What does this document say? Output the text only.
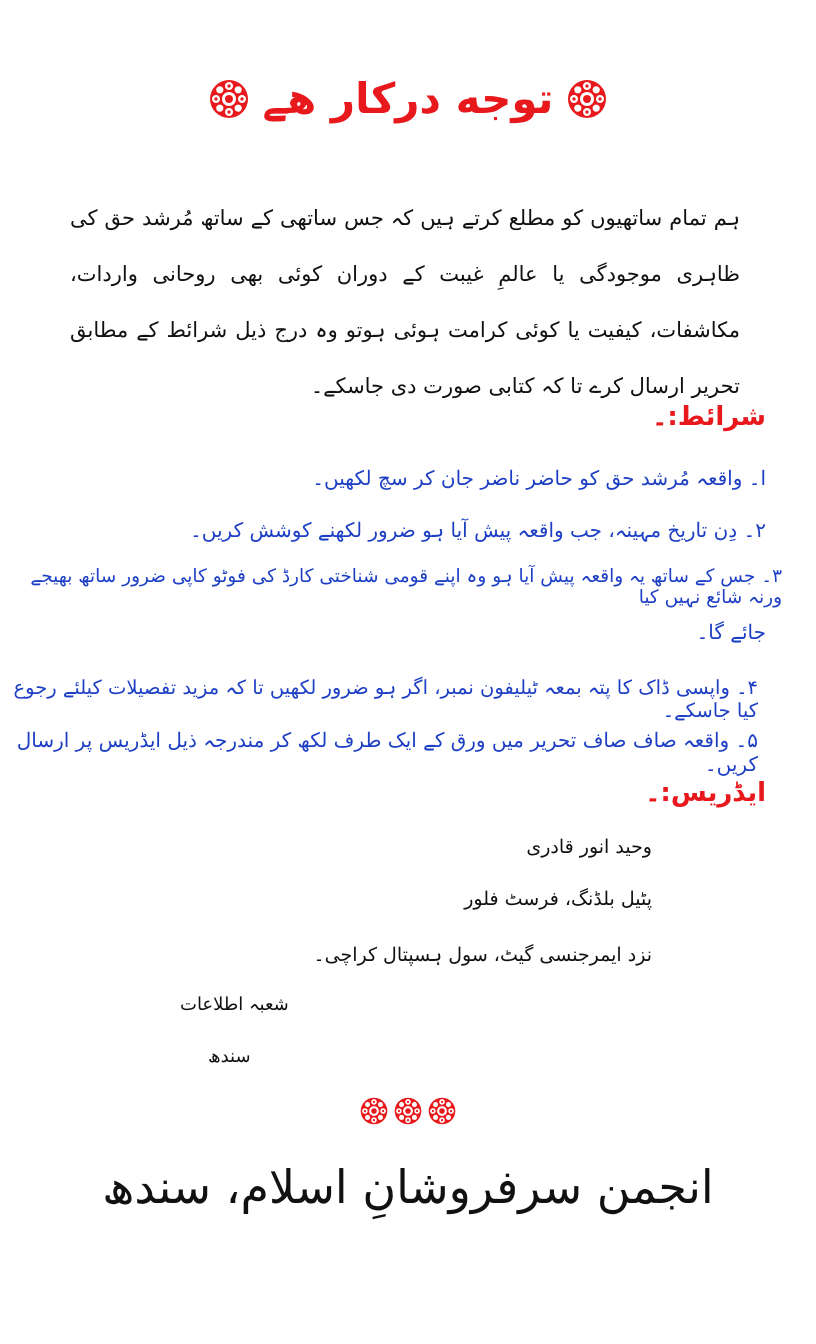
توجه درکار ھے
ہم تمام ساتھیوں کو مطلع کرتے ہیں کہ جس ساتھی کے ساتھ مُرشد حق کی ظاہری موجودگی یا عالمِ غیبت کے دوران کوئی بھی روحانی واردات، مکاشفات، کیفیت یا کوئی کرامت ہوئی ہوتو وہ درج ذیل شرائط کے مطابق تحریر ارسال کرے تا کہ کتابی صورت دی جاسکے۔
شرائط:۔
ا۔ واقعہ مُرشد حق کو حاضر ناضر جان کر سچ لکھیں۔
۲۔ دِن تاریخ مہینہ، جب واقعہ پیش آیا ہو ضرور لکھنے کوشش کریں۔
۳۔ جس کے ساتھ یہ واقعہ پیش آیا ہو وہ اپنے قومی شناختی کارڈ کی فوٹو کاپی ضرور ساتھ بھیجے ورنہ شائع نہیں کیا
جائے گا۔
۴۔ واپسی ڈاک کا پتہ بمعہ ٹیلیفون نمبر، اگر ہو ضرور لکھیں تا کہ مزید تفصیلات کیلئے رجوع کیا جاسکے۔
۵۔ واقعہ صاف صاف تحریر میں ورق کے ایک طرف لکھ کر مندرجہ ذیل ایڈریس پر ارسال کریں۔
ایڈریس:۔
وحید انور قادری
پٹیل بلڈنگ، فرسٹ فلور
نزد ایمرجنسی گیٹ، سول ہسپتال کراچی۔
شعبہ اطلاعات
سندھ
انجمن سرفروشانِ اسلام، سندھ
